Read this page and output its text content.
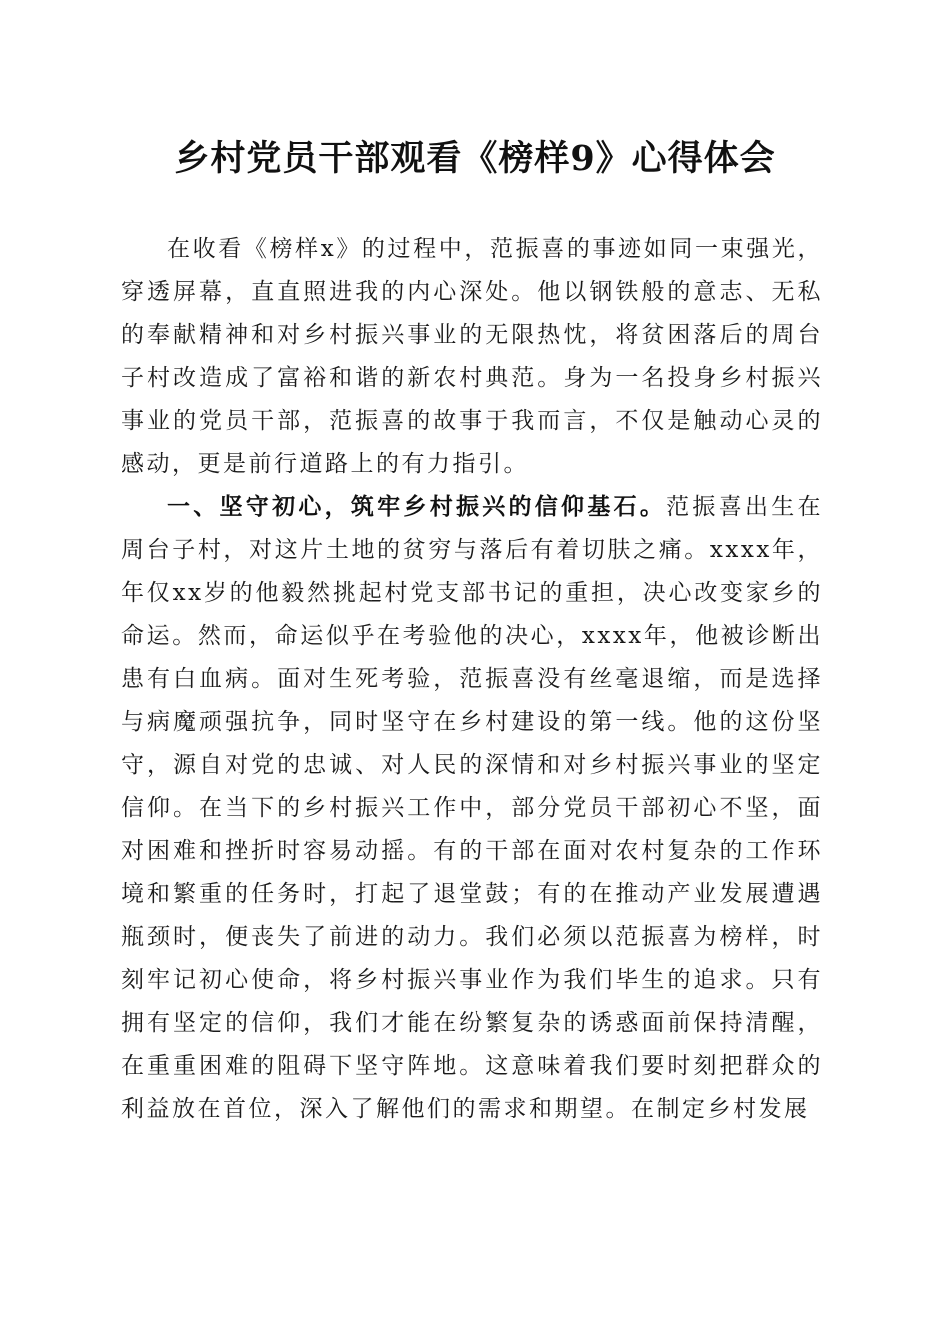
乡村党员干部观看《榜样9》心得体会

在收看《榜样x》的过程中，范振喜的事迹如同一束强光，穿透屏幕，直直照进我的内心深处。他以钢铁般的意志、无私的奉献精神和对乡村振兴事业的无限热忱，将贫困落后的周台子村改造成了富裕和谐的新农村典范。身为一名投身乡村振兴事业的党员干部，范振喜的故事于我而言，不仅是触动心灵的感动，更是前行道路上的有力指引。

一、坚守初心，筑牢乡村振兴的信仰基石。范振喜出生在周台子村，对这片土地的贫穷与落后有着切肤之痛。xxxx年，年仅xx岁的他毅然挑起村党支部书记的重担，决心改变家乡的命运。然而，命运似乎在考验他的决心，xxxx年，他被诊断出患有白血病。面对生死考验，范振喜没有丝毫退缩，而是选择与病魔顽强抗争，同时坚守在乡村建设的第一线。他的这份坚守，源自对党的忠诚、对人民的深情和对乡村振兴事业的坚定信仰。在当下的乡村振兴工作中，部分党员干部初心不坚，面对困难和挫折时容易动摇。有的干部在面对农村复杂的工作环境和繁重的任务时，打起了退堂鼓；有的在推动产业发展遭遇瓶颈时，便丧失了前进的动力。我们必须以范振喜为榜样，时刻牢记初心使命，将乡村振兴事业作为我们毕生的追求。只有拥有坚定的信仰，我们才能在纷繁复杂的诱惑面前保持清醒，在重重困难的阻碍下坚守阵地。这意味着我们要时刻把群众的利益放在首位，深入了解他们的需求和期望。在制定乡村发展
